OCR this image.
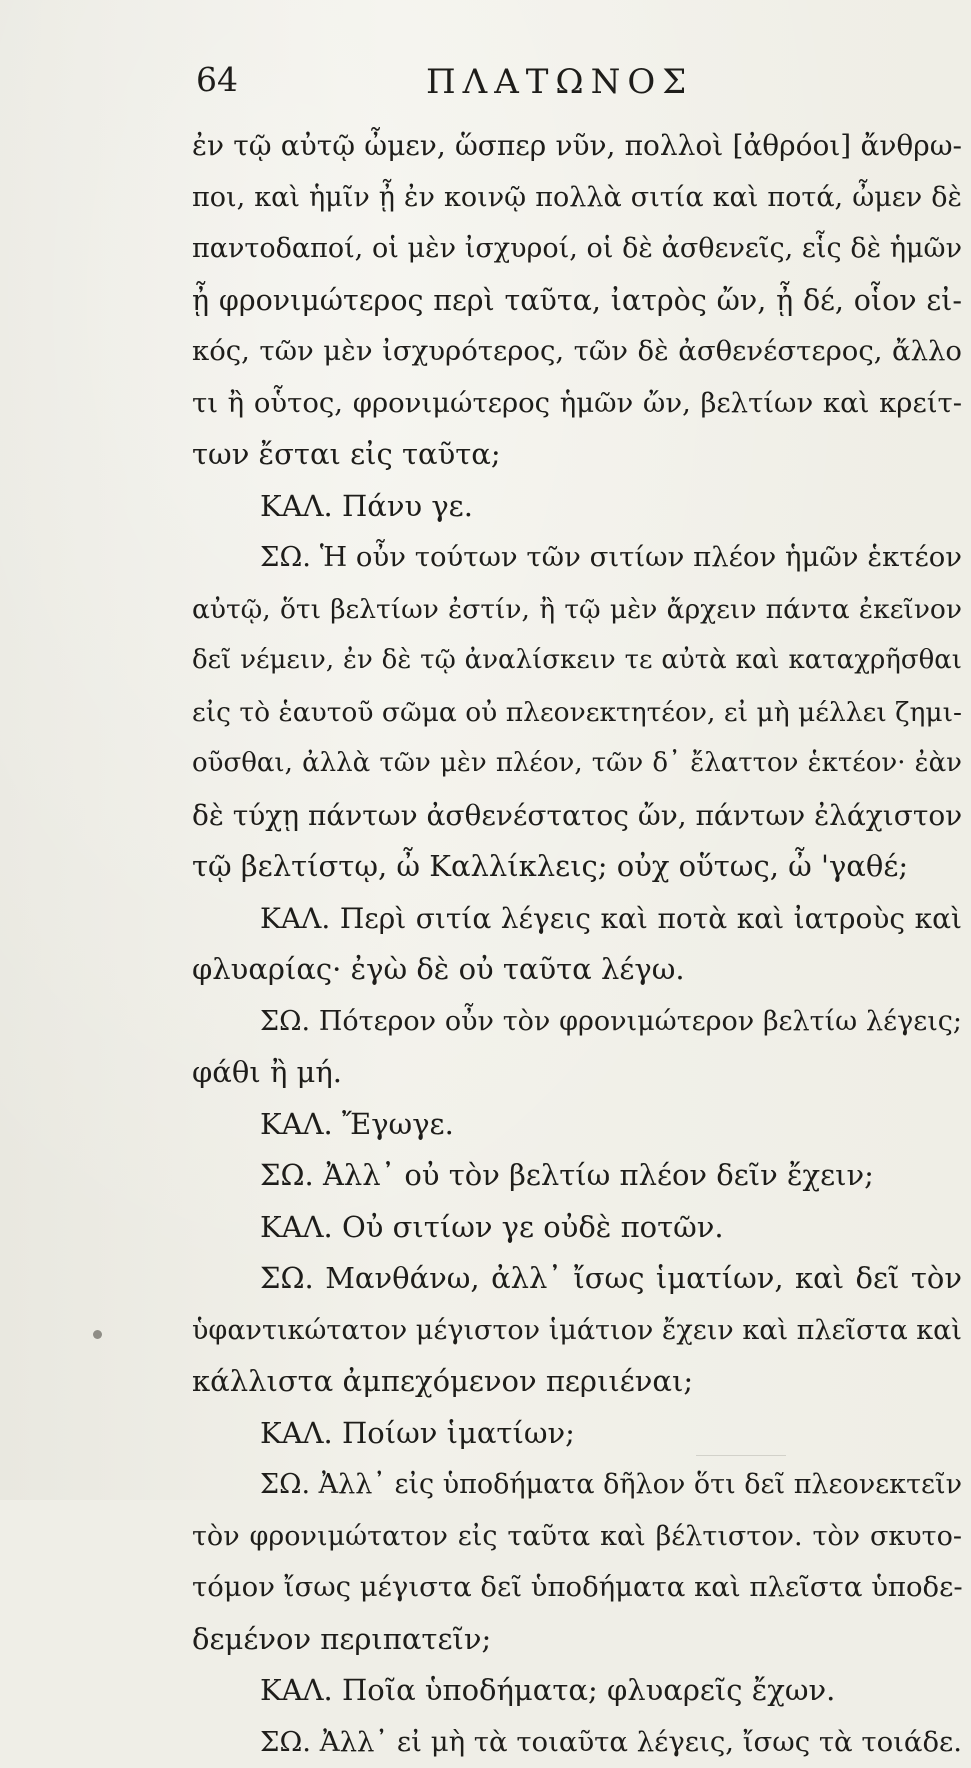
64	ΠΛΑΤΩΝΟΣ
ἐν τῷ αὐτῷ ὦμεν, ὥσπερ νῦν, πολλοὶ [ἀθρόοι] ἄνθρω-
ποι, καὶ ἡμῖν ᾖ ἐν κοινῷ πολλὰ σιτία καὶ ποτά, ὦμεν δὲ
παντοδαποί, οἱ μὲν ἰσχυροί, οἱ δὲ ἀσθενεῖς, εἷς δὲ ἡμῶν
ᾖ φρονιμώτερος περὶ ταῦτα, ἰατρὸς ὤν, ᾖ δέ, οἷον εἰ-
κός, τῶν μὲν ἰσχυρότερος, τῶν δὲ ἀσθενέστερος, ἄλλο
τι ἢ οὗτος, φρονιμώτερος ἡμῶν ὤν, βελτίων καὶ κρείτ-
των ἔσται εἰς ταῦτα;
ΚΑΛ. Πάνυ γε.
ΣΩ. Ἡ οὖν τούτων τῶν σιτίων πλέον ἡμῶν ἑκτέον
αὐτῷ, ὅτι βελτίων ἐστίν, ἢ τῷ μὲν ἄρχειν πάντα ἐκεῖνον
δεῖ νέμειν, ἐν δὲ τῷ ἀναλίσκειν τε αὐτὰ καὶ καταχρῆσθαι
εἰς τὸ ἑαυτοῦ σῶμα οὐ πλεονεκτητέον, εἰ μὴ μέλλει ζημι-
οῦσθαι, ἀλλὰ τῶν μὲν πλέον, τῶν δ᾽ ἔλαττον ἑκτέον· ἐὰν
δὲ τύχῃ πάντων ἀσθενέστατος ὤν, πάντων ἐλάχιστον
τῷ βελτίστῳ, ὦ Καλλίκλεις; οὐχ οὕτως, ὦ 'γαθέ;
ΚΑΛ. Περὶ σιτία λέγεις καὶ ποτὰ καὶ ἰατροὺς καὶ
φλυαρίας· ἐγὼ δὲ οὐ ταῦτα λέγω.
ΣΩ. Πότερον οὖν τὸν φρονιμώτερον βελτίω λέγεις;
φάθι ἢ μή.
ΚΑΛ. Ἔγωγε.
ΣΩ. Ἀλλ᾽ οὐ τὸν βελτίω πλέον δεῖν ἔχειν;
ΚΑΛ. Οὐ σιτίων γε οὐδὲ ποτῶν.
ΣΩ. Μανθάνω, ἀλλ᾽ ἴσως ἱματίων, καὶ δεῖ τὸν
ὑφαντικώτατον μέγιστον ἱμάτιον ἔχειν καὶ πλεῖστα καὶ
κάλλιστα ἀμπεχόμενον περιιέναι;
ΚΑΛ. Ποίων ἱματίων;
ΣΩ. Ἀλλ᾽ εἰς ὑποδήματα δῆλον ὅτι δεῖ πλεονεκτεῖν
τὸν φρονιμώτατον εἰς ταῦτα καὶ βέλτιστον. τὸν σκυτο-
τόμον ἴσως μέγιστα δεῖ ὑποδήματα καὶ πλεῖστα ὑποδε-
δεμένον περιπατεῖν;
ΚΑΛ. Ποῖα ὑποδήματα; φλυαρεῖς ἔχων.
ΣΩ. Ἀλλ᾽ εἰ μὴ τὰ τοιαῦτα λέγεις, ἴσως τὰ τοιάδε.
